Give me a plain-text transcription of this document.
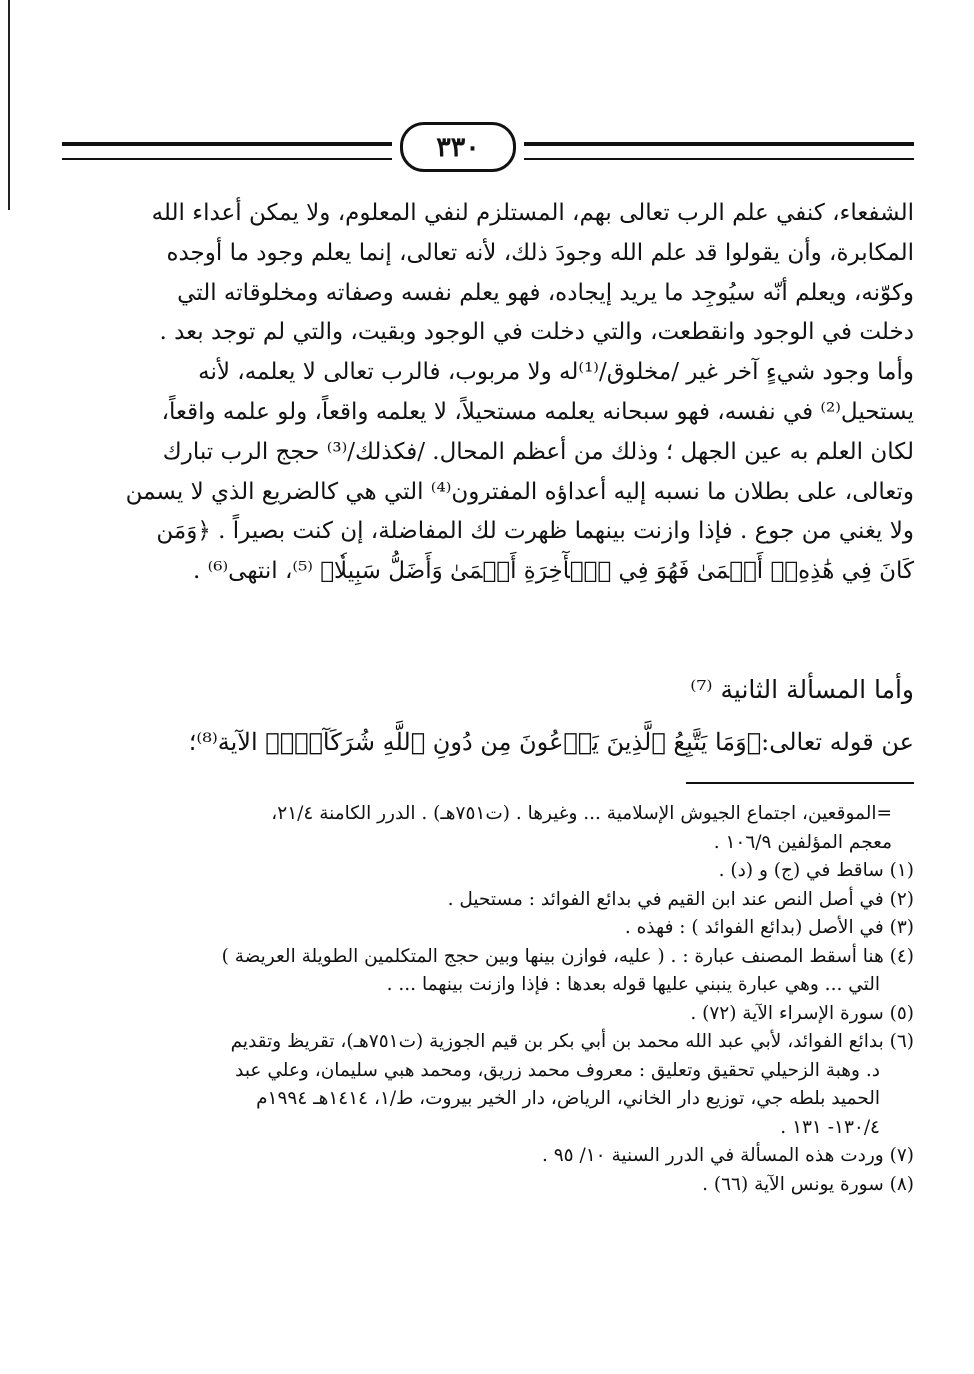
٣٣٠

الشفعاء، كنفي علم الرب تعالى بهم، المستلزم لنفي المعلوم، ولا يمكن أعداء الله

المكابرة، وأن يقولوا قد علم الله وجودَ ذلك، لأنه تعالى، إنما يعلم وجود ما أوجده

وكوّنه، ويعلم أنّه سيُوجِد ما يريد إيجاده، فهو يعلم نفسه وصفاته ومخلوقاته التي

دخلت في الوجود وانقطعت، والتي دخلت في الوجود وبقيت، والتي لم توجد بعد .

وأما وجود شيءٍ آخر غير /مخلوق/⁽¹⁾له ولا مربوب، فالرب تعالى لا يعلمه، لأنه

يستحيل⁽²⁾ في نفسه، فهو سبحانه يعلمه مستحيلاً، لا يعلمه واقعاً، ولو علمه واقعاً،

لكان العلم به عين الجهل ؛ وذلك من أعظم المحال. /فكذلك/⁽³⁾ حجج الرب تبارك

وتعالى، على بطلان ما نسبه إليه أعداؤه المفترون⁽⁴⁾ التي هي كالضريع الذي لا يسمن

ولا يغني من جوع . فإذا وازنت بينهما ظهرت لك المفاضلة، إن كنت بصيراً . ﴿وَمَن

كَانَ فِي هَٰذِهِۦٓ أَعۡمَىٰ فَهُوَ فِي ٱلۡأٓخِرَةِ أَعۡمَىٰ وَأَضَلُّ سَبِيلٗا﴾ ⁽⁵⁾، انتهى⁽⁶⁾ .

وأما المسألة الثانية ⁽⁷⁾
عن قوله تعالى:﴿وَمَا يَتَّبِعُ ٱلَّذِينَ يَدۡعُونَ مِن دُونِ ٱللَّهِ شُرَكَآءَۚ﴾ الآية⁽⁸⁾؛

=الموقعين، اجتماع الجيوش الإسلامية ... وغيرها . (ت٧٥١هـ) . الدرر الكامنة ٢١/٤،

معجم المؤلفين ١٠٦/٩ .

(١) ساقط في (ج) و (د) .

(٢) في أصل النص عند ابن القيم في بدائع الفوائد : مستحيل .

(٣) في الأصل (بدائع الفوائد ) : فهذه .

(٤) هنا أسقط المصنف عبارة : . ( عليه، فوازن بينها وبين حجج المتكلمين الطويلة العريضة )

التي ... وهي عبارة ينبني عليها قوله بعدها : فإذا وازنت بينهما ... .

(٥) سورة الإسراء الآية (٧٢) .

(٦) بدائع الفوائد، لأبي عبد الله محمد بن أبي بكر بن قيم الجوزية (ت٧٥١هـ)، تقريظ وتقديم

د. وهبة الزحيلي تحقيق وتعليق : معروف محمد زريق، ومحمد هبي سليمان، وعلي عبد

الحميد بلطه جي، توزيع دار الخاني، الرياض، دار الخير بيروت، ط/١، ١٤١٤هـ ١٩٩٤م

١٣٠/٤- ١٣١ .

(٧) وردت هذه المسألة في الدرر السنية ١٠/ ٩٥ .

(٨) سورة يونس الآية (٦٦) .
